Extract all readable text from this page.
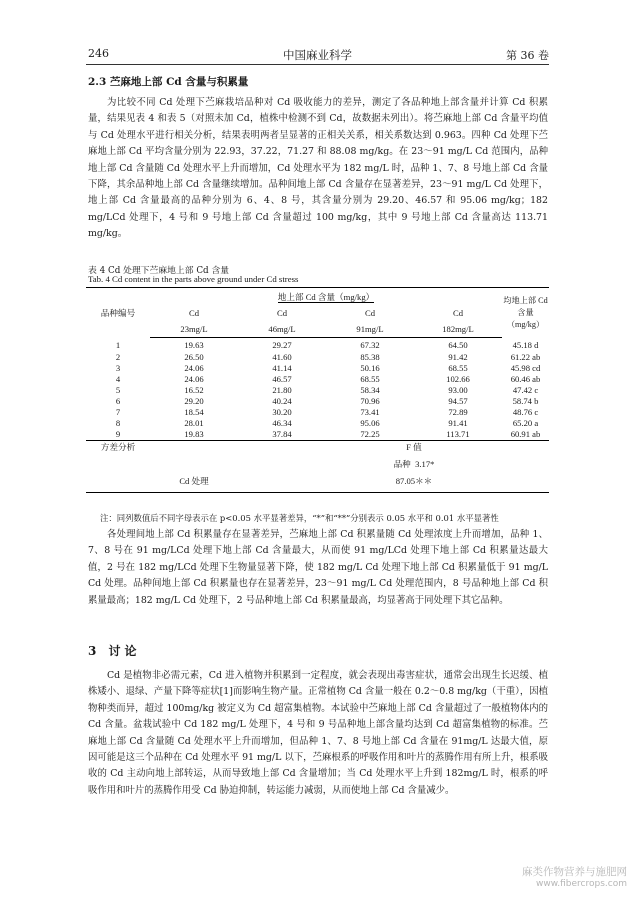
246	中国麻业科学	第 36 卷
2.3 苎麻地上部 Cd 含量与积累量

为比较不同 Cd 处理下苎麻栽培品种对 Cd 吸收能力的差异，测定了各品种地上部含量并计算 Cd 积累量，结果见表 4 和表 5（对照未加 Cd，植株中检测不到 Cd，故数据未列出）。将苎麻地上部 Cd 含量平均值与 Cd 处理水平进行相关分析，结果表明两者呈显著的正相关关系，相关系数达到 0.963。四种 Cd 处理下苎麻地上部 Cd 平均含量分别为 22.93，37.22，71.27 和 88.08 mg/kg。在 23～91 mg/L Cd 范围内，品种地上部 Cd 含量随 Cd 处理水平上升而增加，Cd 处理水平为 182 mg/L 时，品种 1、7、8 号地上部 Cd 含量下降，其余品种地上部 Cd 含量继续增加。品种间地上部 Cd 含量存在显著差异，23～91 mg/L Cd 处理下，地上部 Cd 含量最高的品种分别为 6、4、8 号，其含量分别为 29.20、46.57 和 95.06 mg/kg；182 mg/LCd 处理下，4 号和 9 号地上部 Cd 含量超过 100 mg/kg，其中 9 号地上部 Cd 含量高达 113.71 mg/kg。

表 4 Cd 处理下苎麻地上部 Cd 含量
Tab. 4 Cd content in the parts above ground under Cd stress
品种编号	地上部 Cd 含量（mg/kg）				均地上部 Cd 含量（mg/kg）
	Cd	Cd	Cd	Cd	
	23mg/L	46mg/L	91mg/L	182mg/L	
1	19.63	29.27	67.32	64.50	45.18 d
2	26.50	41.60	85.38	91.42	61.22 ab
3	24.06	41.14	50.16	68.55	45.98 cd
4	24.06	46.57	68.55	102.66	60.46 ab
5	16.52	21.80	58.34	93.00	47.42 c
6	29.20	40.24	70.96	94.57	58.74 b
7	18.54	30.20	73.41	72.89	48.76 c
8	28.01	46.34	95.06	91.41	65.20 a
9	19.83	37.84	72.25	113.71	60.91 ab
方差分析			F 值		
			品种 3.17*		
	Cd 处理		87.05＊＊		
注：同列数值后不同字母表示在 p<0.05 水平显著差异，“*”和“**”分别表示 0.05 水平和 0.01 水平显著性

各处理间地上部 Cd 积累量存在显著差异，苎麻地上部 Cd 积累量随 Cd 处理浓度上升而增加，品种 1、7、8 号在 91 mg/LCd 处理下地上部 Cd 含量最大，从而使 91 mg/LCd 处理下地上部 Cd 积累量达最大值，2 号在 182 mg/LCd 处理下生物量显著下降，使 182 mg/L Cd 处理下地上部 Cd 积累量低于 91 mg/L Cd 处理。品种间地上部 Cd 积累量也存在显著差异，23～91 mg/L Cd 处理范围内，8 号品种地上部 Cd 积累量最高；182 mg/L Cd 处理下，2 号品种地上部 Cd 积累量最高，均显著高于同处理下其它品种。

3 讨论

Cd 是植物非必需元素，Cd 进入植物并积累到一定程度，就会表现出毒害症状，通常会出现生长迟缓、植株矮小、退绿、产量下降等症状[1]而影响生物产量。正常植物 Cd 含量一般在 0.2～0.8 mg/kg（干重），因植物种类而异，超过 100mg/kg 被定义为 Cd 超富集植物。本试验中苎麻地上部 Cd 含量超过了一般植物体内的 Cd 含量。盆栽试验中 Cd 182 mg/L 处理下，4 号和 9 号品种地上部含量均达到 Cd 超富集植物的标准。苎麻地上部 Cd 含量随 Cd 处理水平上升而增加，但品种 1、7、8 号地上部 Cd 含量在 91mg/L 达最大值，原因可能是这三个品种在 Cd 处理水平 91 mg/L 以下，苎麻根系的呼吸作用和叶片的蒸腾作用有所上升，根系吸收的 Cd 主动向地上部转运，从而导致地上部 Cd 含量增加；当 Cd 处理水平上升到 182mg/L 时，根系的呼吸作用和叶片的蒸腾作用受 Cd 胁迫抑制，转运能力减弱，从而使地上部 Cd 含量减少。

麻类作物营养与施肥网
www.fibercrops.com
